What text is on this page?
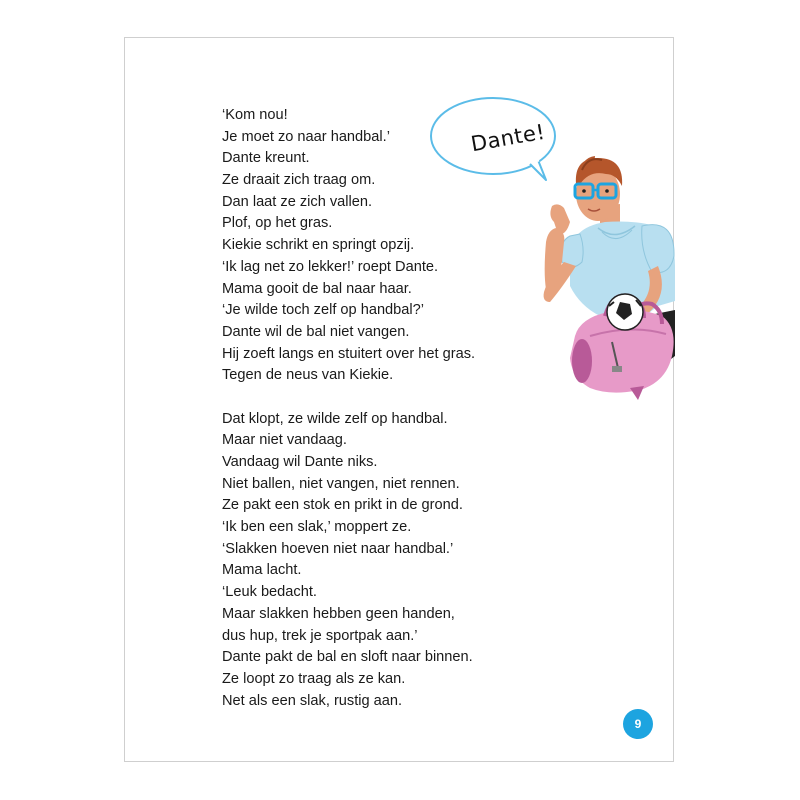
‘Kom nou!
Je moet zo naar handbal.’
Dante kreunt.
Ze draait zich traag om.
Dan laat ze zich vallen.
Plof, op het gras.
Kiekie schrikt en springt opzij.
‘Ik lag net zo lekker!’ roept Dante.
Mama gooit de bal naar haar.
‘Je wilde toch zelf op handbal?’
Dante wil de bal niet vangen.
Hij zoeft langs en stuitert over het gras.
Tegen de neus van Kiekie.
Dat klopt, ze wilde zelf op handbal.
Maar niet vandaag.
Vandaag wil Dante niks.
Niet ballen, niet vangen, niet rennen.
Ze pakt een stok en prikt in de grond.
‘Ik ben een slak,’ moppert ze.
‘Slakken hoeven niet naar handbal.’
Mama lacht.
‘Leuk bedacht.
Maar slakken hebben geen handen,
dus hup, trek je sportpak aan.’
Dante pakt de bal en sloft naar binnen.
Ze loopt zo traag als ze kan.
Net als een slak, rustig aan.
Dante!
9
